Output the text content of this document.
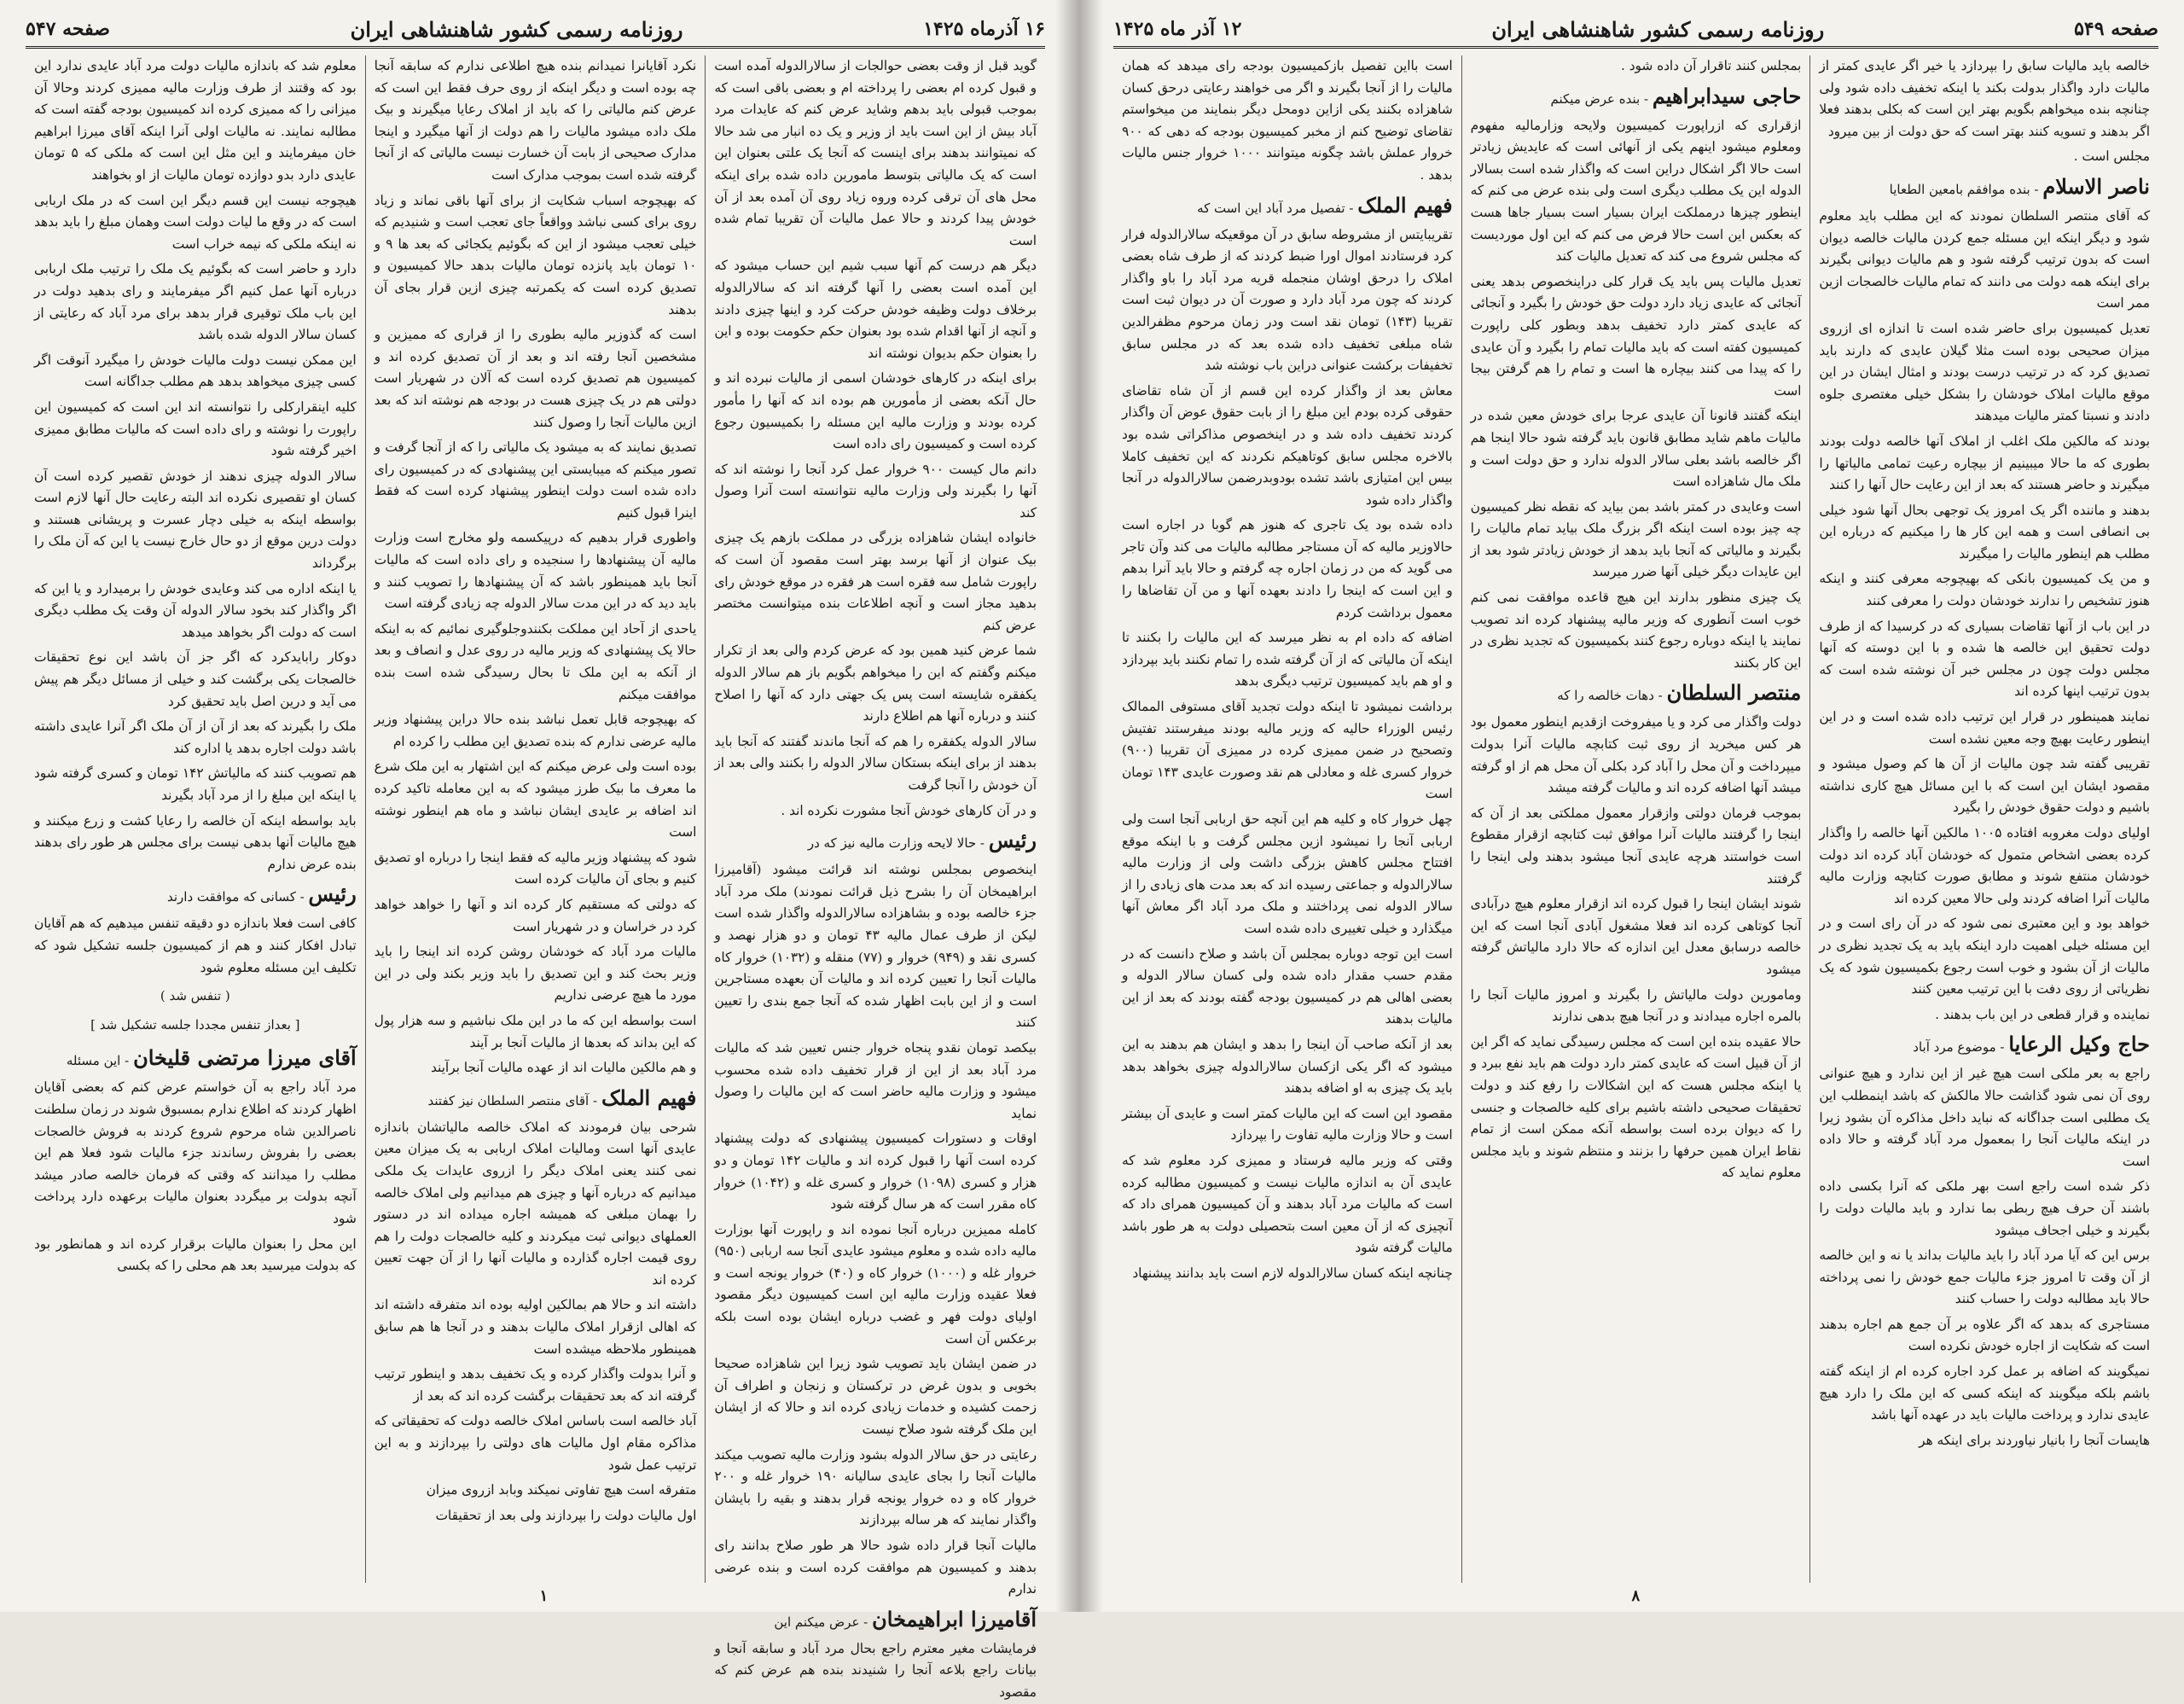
۱۶ آذرماه ۱۴۲۵
روزنامه رسمی کشور شاهنشاهی ایران
صفحه ۵۴۷

گوید قبل از وقت بعضی حوالجات از سالارالدوله آمده است و قبول کرده ام بعضی را پرداخته ام و بعضی باقی است که بموجب قبولی باید بدهم وشاید عرض کنم که عایدات مرد آباد بیش از این است باید از وزیر و یک ده انبار می شد حالا که نمیتوانند بدهند برای اینست که آنجا یک علتی بعنوان این است که یک مالیاتی بتوسط مامورین داده شده برای اینکه محل های آن ترقی کرده وروه زیاد روی آن آمده بعد از آن خودش پیدا کردند و حالا عمل مالیات آن تقریبا تمام شده است

دیگر هم درست کم آنها سبب شیم این حساب میشود که این آمده است بعضی را آنها گرفته اند که سالارالدوله برخلاف دولت وظیفه خودش حرکت کرد و اینها چیزی دادند و آنچه از آنها اقدام شده بود بعنوان حکم حکومت بوده و این را بعنوان حکم بدیوان نوشته اند

برای اینکه در کارهای خودشان اسمی از مالیات نبرده اند و حال آنکه بعضی از مأمورین هم بوده اند که آنها را مأمور کرده بودند و وزارت مالیه این مسئله را بکمیسیون رجوع کرده است و کمیسیون رای داده است

دانم مال کیست ۹۰۰ خروار عمل کرد آنجا را نوشته اند که آنها را بگیرند ولی وزارت مالیه نتوانسته است آنرا وصول کند

خانواده ایشان شاهزاده بزرگی در مملکت بازهم یک چیزی بیک عنوان از آنها برسد بهتر است مقصود آن است که راپورت شامل سه فقره است هر فقره در موقع خودش رای بدهید مجاز است و آنچه اطلاعات بنده میتوانست مختصر عرض کنم

شما عرض کنید همین بود که عرض کردم والی بعد از تکرار میکنم وگفتم که این را میخواهم بگویم باز هم سالار الدوله یکفقره شایسته است پس یک جهتی دارد که آنها را اصلاح کنند و درباره آنها هم اطلاع دارند

سالار الدوله یکفقره را هم که آنجا ماندند گفتند که آنجا باید بدهند از برای اینکه بستکان سالار الدوله را بکنند والی بعد از آن خودش را آنجا گرفت

و در آن کارهای خودش آنجا مشورت نکرده اند .

رئیس - حالا لایحه وزارت مالیه نیز که در

اینخصوص بمجلس نوشته اند قرائت میشود (آقامیرزا ابراهیمخان آن را بشرح ذیل قرائت نمودند) ملک مرد آباد جزء خالصه بوده و بشاهزاده سالارالدوله واگذار شده است لیکن از طرف عمال مالیه ۴۳ تومان و دو هزار نهصد و کسری نقد و (۹۴۹) خروار و (۷۷) منقله و (۱۰۳۲) خروار کاه مالیات آنجا را تعیین کرده اند و مالیات آن بعهده مستاجرین است و از این بابت اظهار شده که آنجا جمع بندی را تعیین کنند

بیکصد تومان نقدو پنجاه خروار جنس تعیین شد که مالیات مرد آباد بعد از این از قرار تخفیف داده شده محسوب میشود و وزارت مالیه حاضر است که این مالیات را وصول نماید

اوقات و دستورات کمیسیون پیشنهادی که دولت پیشنهاد کرده است آنها را قبول کرده اند و مالیات ۱۴۲ تومان و دو هزار و کسری (۱۰۹۸) خروار و کسری غله و (۱۰۴۲) خروار کاه مقرر است که هر سال گرفته شود

کامله ممیزین درباره آنجا نموده اند و راپورت آنها بوزارت مالیه داده شده و معلوم میشود عایدی آنجا سه اربابی (۹۵۰) خروار غله و (۱۰۰۰) خروار کاه و (۴۰) خروار یونجه است و فعلا عقیده وزارت مالیه این است کمیسیون دیگر مقصود اولیای دولت فهر و غضب درباره ایشان بوده است بلکه برعکس آن است

در ضمن ایشان باید تصویب شود زیرا این شاهزاده صحیحا بخوبی و بدون غرض در ترکستان و زنجان و اطراف آن زحمت کشیده و خدمات زیادی کرده اند و حالا که از ایشان این ملک گرفته شود صلاح نیست

رعایتی در حق سالار الدوله بشود وزارت مالیه تصویب میکند مالیات آنجا را بجای عایدی سالیانه ۱۹۰ خروار غله و ۲۰۰ خروار کاه و ده خروار یونجه قرار بدهند و بقیه را بایشان واگذار نمایند که هر ساله بپردازند

مالیات آنجا قرار داده شود حالا هر طور صلاح بدانند رای بدهند و کمیسیون هم موافقت کرده است و بنده عرضی ندارم

آقامیرزا ابراهیمخان - عرض میکنم این

فرمایشات مغیر معترم راجع بحال مرد آباد و سابقه آنجا و بیانات راجع بلاعه آنجا را شنیدند بنده هم عرض کنم که مقصود

نکرد آقایانرا نمیدانم بنده هیچ اطلاعی ندارم که سابقه آنجا چه بوده است و دیگر اینکه از روی حرف فقط این است که عرض کنم مالیاتی را که باید از املاک رعایا میگیرند و بیک ملک داده میشود مالیات را هم دولت از آنها میگیرد و اینجا مدارک صحیحی از بابت آن خسارت نیست مالیاتی که از آنجا گرفته شده است بموجب مدارک است

که بهیچوجه اسباب شکایت از برای آنها باقی نماند و زیاد روی برای کسی نباشد وواقعاً جای تعجب است و شنیدیم که خیلی تعجب میشود از این که بگوئیم یکجائی که بعد ها ۹ و ۱۰ تومان باید پانزده تومان مالیات بدهد حالا کمیسیون و تصدیق کرده است که یکمرتبه چیزی ازین قرار بجای آن بدهند

است که گذوزیر مالیه بطوری را از قراری که ممیزین و مشخصین آنجا رفته اند و بعد از آن تصدیق کرده اند و کمیسیون هم تصدیق کرده است که آلان در شهریار است دولتی هم در یک چیزی هست در بودجه هم نوشته اند که بعد ازین مالیات آنجا را وصول کنند

تصدیق نمایند که به میشود یک مالیاتی را که از آنجا گرفت و تصور میکنم که میبایستی این پیشنهادی که در کمیسیون رای داده شده است دولت اینطور پیشنهاد کرده است که فقط اینرا قبول کنیم

واطوری قرار بدهیم که درپیکسمه ولو مخارج است وزارت مالیه آن پیشنهادها را سنجیده و رای داده است که مالیات آنجا باید همینطور باشد که آن پیشنهادها را تصویب کنند و باید دید که در این مدت سالار الدوله چه زیادی گرفته است

یاحدی از آحاد این مملکت بکنندوجلوگیری نمائیم که به اینکه حالا یک پیشنهادی که وزیر مالیه در روی عدل و انصاف و بعد از آنکه به این ملک تا بحال رسیدگی شده است بنده موافقت میکنم

که بهیچوجه قابل تعمل نباشد بنده حالا دراین پیشنهاد وزیر مالیه عرضی ندارم که بنده تصدیق این مطلب را کرده ام

بوده است ولی عرض میکنم که این اشتهار به این ملک شرع ما معرف ما بیک طرز میشود که به این معامله تاکید کرده اند اضافه بر عایدی ایشان نباشد و ماه هم اینطور نوشته است

شود که پیشنهاد وزیر مالیه که فقط اینجا را درباره او تصدیق کنیم و بجای آن مالیات کرده است

که دولتی که مستقیم کار کرده اند و آنها را خواهد خواهد کرد در خراسان و در شهریار است

مالیات مرد آباد که خودشان روشن کرده اند اینجا را باید وزیر بحث کند و این تصدیق را باید وزیر بکند ولی در این مورد ما هیچ عرضی نداریم

است بواسطه این که ما در این ملک نباشیم و سه هزار پول که این بداند که بعدها از مالیات آنجا بر آیند

و هم مالکین مالیات اند از عهده مالیات آنجا برآیند

فهیم الملک - آقای منتصر السلطان نیز کفتند

شرحی بیان فرمودند که املاک خالصه مالیاتشان باندازه عایدی آنها است ومالیات املاک اربابی به یک میزان معین نمی کنند یعنی املاک دیگر را ازروی عایدات یک ملکی میدانیم که درباره آنها و چیزی هم میدانیم ولی املاک خالصه را بهمان مبلغی که همیشه اجاره میداده اند در دستور العملهای دیوانی ثبت میکردند و کلیه خالصجات دولت را هم روی قیمت اجاره گذارده و مالیات آنها را از آن جهت تعیین کرده اند

داشته اند و حالا هم بمالکین اولیه بوده اند متفرقه داشته اند که اهالی ازقرار املاک مالیات بدهند و در آنجا ها هم سابق همینطور ملاحظه میشده است

و آنرا بدولت واگذار کرده و یک تخفیف بدهد و اینطور ترتیب گرفته اند که بعد تحقیقات برگشت کرده اند که بعد از

آباد خالصه است باساس املاک خالصه دولت که تحقیقاتی که مذاکره مقام اول مالیات های دولتی را بپردازند و به این ترتیب عمل شود

متفرقه است هیچ تفاوتی نمیکند وبابد ازروی میزان

اول مالیات دولت را بپردازند ولی بعد از تحقیقات

معلوم شد که باندازه مالیات دولت مرد آباد عایدی ندارد این بود که وقتند از طرف وزارت مالیه ممیزی کردند وحالا آن میزانی را که ممیزی کرده اند کمیسیون بودجه گفته است که مطالبه نمایند. نه مالیات اولی آنرا اینکه آقای میرزا ابراهیم خان میفرمایند و این مثل این است که ملکی که ۵ تومان عایدی دارد بدو دوازده تومان مالیات از او بخواهند

هیچوجه نیست این قسم دیگر این است که در ملک اربابی است که در وقع ما لیات دولت است وهمان مبلغ را باید بدهد نه اینکه ملکی که نیمه خراب است

دارد و حاضر است که بگوئیم یک ملک را ترتیب ملک اربابی درباره آنها عمل کنیم اگر میفرمایند و رای بدهید دولت در این باب ملک توقیری قرار بدهد برای مرد آباد که رعایتی از کسان سالار الدوله شده باشد

این ممکن نیست دولت مالیات خودش را میگیرد آنوقت اگر کسی چیزی میخواهد بدهد هم مطلب جداگانه است

کلیه اینقرارکلی را نتوانسته اند این است که کمیسیون این راپورت را نوشته و رای داده است که مالیات مطابق ممیزی اخیر گرفته شود

سالار الدوله چیزی ندهند از خودش تقصیر کرده است آن کسان او تقصیری نکرده اند البته رعایت حال آنها لازم است بواسطه اینکه به خیلی دچار عسرت و پریشانی هستند و دولت درین موقع از دو حال خارج نیست یا این که آن ملک را برگرداند

یا اینکه اداره می کند وعایدی خودش را برمیدارد و یا این که اگر واگذار کند بخود سالار الدوله آن وقت یک مطلب دیگری است که دولت اگر بخواهد میدهد

دوکار رابایدکرد که اگر جز آن باشد این نوع تحقیقات خالصجات یکی برگشت کند و خیلی از مسائل دیگر هم پیش می آید و درین اصل باید تحقیق کرد

ملک را بگیرند که بعد از آن از آن ملک اگر آنرا عایدی داشته باشد دولت اجاره بدهد یا اداره کند

هم تصویب کنند که مالیاتش ۱۴۲ تومان و کسری گرفته شود یا اینکه این مبلغ را از مرد آباد بگیرند

باید بواسطه اینکه آن خالصه را رعایا کشت و زرع میکنند و هیچ مالیات آنها بدهی نیست برای مجلس هر طور رای بدهند بنده عرض ندارم

رئیس - کسانی که موافقت دارند

کافی است فعلا باندازه دو دقیقه تنفس میدهیم که هم آقایان تبادل افکار کنند و هم از کمیسیون جلسه تشکیل شود که تکلیف این مسئله معلوم شود

( تنفس شد )
[ بعداز تنفس مجددا جلسه تشکیل شد ]

آقای میرزا مرتضی قلیخان - این مسئله

مرد آباد راجع به آن خواستم عرض کنم که بعضی آقایان اظهار کردند که اطلاع ندارم بمسبوق شوند در زمان سلطنت ناصرالدین شاه مرحوم شروع کردند به فروش خالصجات بعضی را بفروش رساندند جزء مالیات شود فعلا هم این مطلب را میدانند که وقتی که فرمان خالصه صادر میشد آنچه بدولت بر میگردد بعنوان مالیات برعهده دارد پرداخت شود

این محل را بعنوان مالیات برقرار کرده اند و همانطور بود که بدولت میرسید بعد هم محلی را که بکسی

۱
صفحه ۵۴۹
روزنامه رسمی کشور شاهنشاهی ایران
۱۲ آذر ماه ۱۴۲۵

خالصه باید مالیات سابق را بپردازد یا خیر اگر عایدی کمتر از مالیات دارد واگذار بدولت بکند یا اینکه تخفیف داده شود ولی چنانچه بنده میخواهم بگویم بهتر این است که بکلی بدهند فعلا اگر بدهند و تسویه کنند بهتر است که حق دولت از بین میرود

مجلس است .

ناصر الاسلام - بنده موافقم بامعین الطعایا

که آقای منتصر السلطان نمودند که این مطلب باید معلوم شود و دیگر اینکه این مسئله جمع کردن مالیات خالصه دیوان است که بدون ترتیب گرفته شود و هم مالیات دیوانی بگیرند برای اینکه همه دولت می دانند که تمام مالیات خالصجات ازین ممر است

تعدیل کمیسیون برای حاضر شده است تا اندازه ای ازروی میزان صحیحی بوده است مثلا گیلان عایدی که دارند باید تصدیق کرد که در ترتیب درست بودند و امثال ایشان در این موقع مالیات املاک خودشان را بشکل خیلی مغتصری جلوه دادند و نسبتا کمتر مالیات میدهند

بودند که مالکین ملک اغلب از املاک آنها خالصه دولت بودند بطوری که ما حالا میبینیم از بیچاره رعیت تمامی مالیاتها را میگیرند و حاضر هستند که بعد از این رعایت حال آنها را کنند

بدهند و ماننده اگر یک امروز یک توجهی بحال آنها شود خیلی بی انصافی است و همه این کار ها را میکنیم که درباره این مطلب هم اینطور مالیات را میگیرند

و من یک کمیسیون بانکی که بهیچوجه معرفی کنند و اینکه هنوز تشخیص را ندارند خودشان دولت را معرفی کنند

در این باب از آنها تقاضات بسیاری که در کرسیدا که از طرف دولت تحقیق این خالصه ها شده و با این دوسته که آنها مجلس دولت چون در مجلس خبر آن نوشته شده است که بدون ترتیب اینها کرده اند

نمایند همینطور در قرار این ترتیب داده شده است و در این اینطور رعایت بهیچ وجه معین نشده است

تقریبی گفته شد چون مالیات از آن ها کم وصول میشود و مقصود ایشان این است که با این مسائل هیچ کاری نداشته باشیم و دولت حقوق خودش را بگیرد

اولیای دولت مغروبه افتاده ۱۰۰۵ مالکین آنها خالصه را واگذار کرده بعضی اشخاص متمول که خودشان آباد کرده اند دولت خودشان منتفع شوند و مطابق صورت کتابچه وزارت مالیه مالیات آنرا اضافه کردند ولی حالا معین کرده اند

خواهد بود و این معتبری نمی شود که در آن رای است و در این مسئله خیلی اهمیت دارد اینکه باید به یک تجدید نظری در مالیات از آن بشود و خوب است رجوع بکمیسیون شود که یک نظریاتی از روی دفت با این ترتیب معین کنند

نماینده و قرار قطعی در این باب بدهند .

حاج وکیل الرعایا - موضوع مرد آباد

راجع به بعر ملکی است هیچ غیر از این ندارد و هیچ عنوانی روی آن نمی شود گذاشت حالا مالکش که باشد اینمطلب این یک مطلبی است جداگانه که نباید داخل مذاکره آن بشود زیرا در اینکه مالیات آنجا را بمعمول مرد آباد گرفته و حالا داده است

ذکر شده است راجع است بهر ملکی که آنرا بکسی داده باشند آن حرف هیچ ربطی بما ندارد و باید مالیات دولت را بگیرند و خیلی اجحاف میشود

برس این که آیا مرد آباد را باید مالیات بداند یا نه و این خالصه از آن وقت تا امروز جزء مالیات جمع خودش را نمی پرداخته حالا باید مطالبه دولت را حساب کنند

مستاجری که بدهد که اگر علاوه بر آن جمع هم اجاره بدهند است که شکایت از اجاره خودش نکرده است

نمیگویند که اضافه بر عمل کرد اجاره کرده ام از اینکه گفته باشم بلکه میگویند که اینکه کسی که این ملک را دارد هیچ عایدی ندارد و پرداخت مالیات باید در عهده آنها باشد

هایسات آنجا را بانیار نیاوردند برای اینکه هر

بمجلس کنند تاقرار آن داده شود .

حاجی سیدابراهیم - بنده عرض میکنم

ازقراری که ازراپورت کمیسیون ولایحه وزارمالیه مفهوم ومعلوم میشود اینهم یکی از آنهائی است که عایدیش زیادتر است حالا اگر اشکال دراین است که واگذار شده است بسالار الدوله این یک مطلب دیگری است ولی بنده عرض می کنم که اینطور چیزها درمملکت ایران بسیار است بسیار جاها هست که بعکس این است حالا فرض می کنم که این اول موردیست که مجلس شروع می کند که تعدیل مالیات کند

تعدیل مالیات پس باید یک قرار کلی دراینخصوص بدهد یعنی آنجائی که عایدی زیاد دارد دولت حق خودش را بگیرد و آنجائی که عایدی کمتر دارد تخفیف بدهد وبطور کلی راپورت کمیسیون کفته است که باید مالیات تمام را بگیرد و آن عایدی را که پیدا می کنند بیچاره ها است و تمام را هم گرفتن بیجا است

اینکه گفتند قانونا آن عایدی عرجا برای خودش معین شده در مالیات ماهم شاید مطابق قانون باید گرفته شود حالا اینجا هم اگر خالصه باشد بعلی سالار الدوله ندارد و حق دولت است و ملک مال شاهزاده است

است وعایدی در کمتر باشد بمن بیاید که نقطه نظر کمیسیون چه چیز بوده است اینکه اگر بزرگ ملک بیاید تمام مالیات را بگیرند و مالیاتی که آنجا باید بدهد از خودش زیادتر شود بعد از این عایدات دیگر خیلی آنها ضرر میرسد

یک چیزی منظور بدارند این هیچ قاعده موافقت نمی کنم خوب است آنطوری که وزیر مالیه پیشنهاد کرده اند تصویب نمایند یا اینکه دوباره رجوع کنند بکمیسیون که تجدید نظری در این کار بکنند

منتصر السلطان - دهات خالصه را که

دولت واگذار می کرد و یا میفروخت ازقدیم اینطور معمول بود هر کس میخرید از روی ثبت کتابچه مالیات آنرا بدولت میپرداخت و آن محل را آباد کرد بکلی آن محل هم از او گرفته میشد آنها اضافه کرده اند و مالیات گرفته میشد

بموجب فرمان دولتی وازقرار معمول مملکتی بعد از آن که اینجا را گرفتند مالیات آنرا موافق ثبت کتابچه ازقرار مقطوع است خواستند هرچه عایدی آنجا میشود بدهند ولی اینجا را گرفتند

شوند ایشان اینجا را قبول کرده اند ازقرار معلوم هیچ درآبادی آنجا کوتاهی کرده اند فعلا مشغول آبادی آنجا است که این خالصه درسابق معدل این اندازه که حالا دارد مالیاتش گرفته میشود

ومامورین دولت مالیاتش را بگیرند و امروز مالیات آنجا را بالمره اجاره میدادند و در آنجا هیچ بدهی ندارند

حالا عقیده بنده این است که مجلس رسیدگی نماید که اگر این از آن قبیل است که عایدی کمتر دارد دولت هم باید نفع ببرد و یا اینکه مجلس هست که این اشکالات را رفع کند و دولت تحقیقات صحیحی داشته باشیم برای کلیه خالصجات و جنسی را که دیوان برده است بواسطه آنکه ممکن است از تمام نقاط ایران همین حرفها را بزنند و منتظم شوند و باید مجلس معلوم نماید که

است بااین تفصیل بازکمیسیون بودجه رای میدهد که همان مالیات را از آنجا بگیرند و اگر می خواهند رعایتی درحق کسان شاهزاده بکنند یکی ازاین دومحل دیگر بنمایند من میخواستم تقاضای توضیح کنم از مخبر کمیسیون بودجه که دهی که ۹۰۰ خروار عملش باشد چگونه میتوانند ۱۰۰۰ خروار جنس مالیات بدهد .

فهیم الملک - تفصیل مرد آباد این است که

تقریبایتس از مشروطه سابق در آن موقعیکه سالارالدوله فرار کرد فرستادند اموال اورا ضبط کردند که از طرف شاه بعضی املاک را درحق اوشان منجمله قریه مرد آباد را باو واگذار کردند که چون مرد آباد دارد و صورت آن در دیوان ثبت است تقریبا (۱۴۳) تومان نقد است ودر زمان مرحوم مظفرالدین شاه مبلغی تخفیف داده شده بعد که در مجلس سابق تخفیفات برکشت عنوانی دراین باب نوشته شد

معاش بعد از واگذار کرده این قسم از آن شاه تقاضای حقوقی کرده بودم این مبلغ را از بابت حقوق عوض آن واگذار کردند تخفیف داده شد و در اینخصوص مذاکراتی شده بود بالاخره مجلس سابق کوتاهیکم نکردند که این تخفیف کاملا بیس این امتیازی باشد تشده بودوبدرضمن سالارالدوله در آنجا واگذار داده شود

داده شده بود یک تاجری که هنوز هم گوبا در اجاره است حالاوزیر مالیه که آن مستاجر مطالبه مالیات می کند وآن تاجر می گوید که من در زمان اجاره چه گرفتم و حالا باید آنرا بدهم و این است که اینجا را دادند بعهده آنها و من آن تقاضاها را معمول برداشت کردم

اضافه که داده ام به نظر میرسد که این مالیات را بکنند تا اینکه آن مالیاتی که از آن گرفته شده را تمام نکنند باید بپردازد و او هم باید کمیسیون ترتیب دیگری بدهد

برداشت نمیشود تا اینکه دولت تجدید آقای مستوفی الممالک رئیس الوزراء حالیه که وزیر مالیه بودند میفرستند تفتیش وتصحیح در ضمن ممیزی کرده در ممیزی آن تقریبا (۹۰۰) خروار کسری غله و معادلی هم نقد وصورت عایدی ۱۴۳ تومان است

چهل خروار کاه و کلیه هم این آنچه حق اربابی آنجا است ولی اربابی آنجا را نمیشود ازین مجلس گرفت و با اینکه موقع افتتاح مجلس کاهش بزرگی داشت ولی از وزارت مالیه سالارالدوله و جماعتی رسیده اند که بعد مدت های زیادی را از سالار الدوله نمی پرداختند و ملک مرد آباد اگر معاش آنها میگذارد و خیلی تغییری داده شده است

است این توجه دوباره بمجلس آن باشد و صلاح دانست که در مقدم حسب مقدار داده شده ولی کسان سالار الدوله و بعضی اهالی هم در کمیسیون بودجه گفته بودند که بعد از این مالیات بدهند

بعد از آنکه صاحب آن اینجا را بدهد و ایشان هم بدهند به این میشود که اگر یکی ازکسان سالارالدوله چیزی بخواهد بدهد باید یک چیزی به او اضافه بدهند

مقصود این است که این مالیات کمتر است و عایدی آن بیشتر است و حالا وزارت مالیه تفاوت را بپردازد

وقتی که وزیر مالیه فرستاد و ممیزی کرد معلوم شد که عایدی آن به اندازه مالیات نیست و کمیسیون مطالبه کرده است که مالیات مرد آباد بدهند و آن کمیسیون همرای داد که آنچیزی که از آن معین است بتحصیلی دولت به هر طور باشد مالیات گرفته شود

چنانچه اینکه کسان سالارالدوله لازم است باید بدانند پیشنهاد

۸
